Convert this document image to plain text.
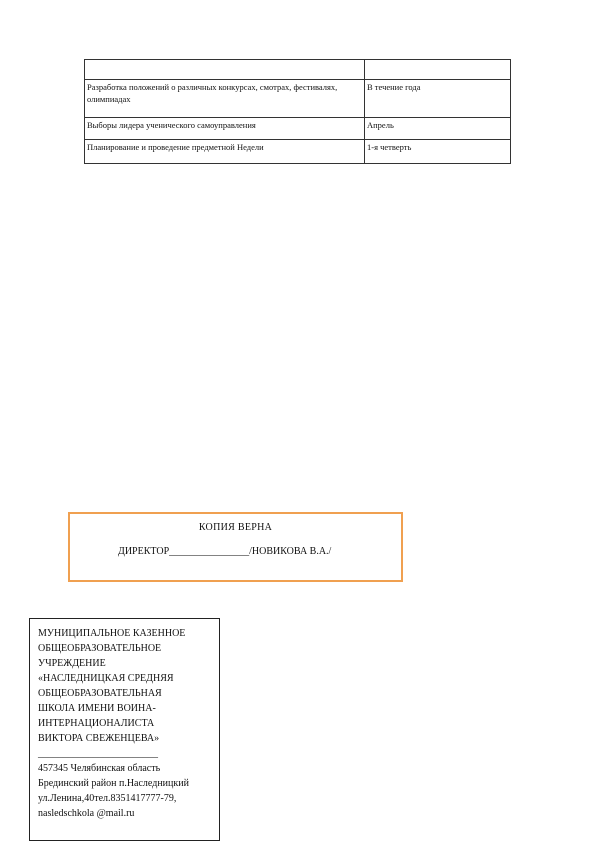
Разработка положений о различных конкурсах, смотрах, фестивалях, олимпиадах	В течение года
Выборы лидера ученического самоуправления	Апрель
Планирование и проведение предметной Недели	1-я четверть
КОПИЯ ВЕРНА
ДИРЕКТОР________________/НОВИКОВА В.А./
МУНИЦИПАЛЬНОЕ КАЗЕННОЕ
ОБЩЕОБРАЗОВАТЕЛЬНОЕ
УЧРЕЖДЕНИЕ
«НАСЛЕДНИЦКАЯ СРЕДНЯЯ
ОБЩЕОБРАЗОВАТЕЛЬНАЯ
ШКОЛА ИМЕНИ ВОИНА-
ИНТЕРНАЦИОНАЛИСТА
ВИКТОРА СВЕЖЕНЦЕВА»
________________________
457345 Челябинская область
Брединский район п.Наследницкий
ул.Ленина,40тел.8351417777-79,
nasledschkola @mail.ru
